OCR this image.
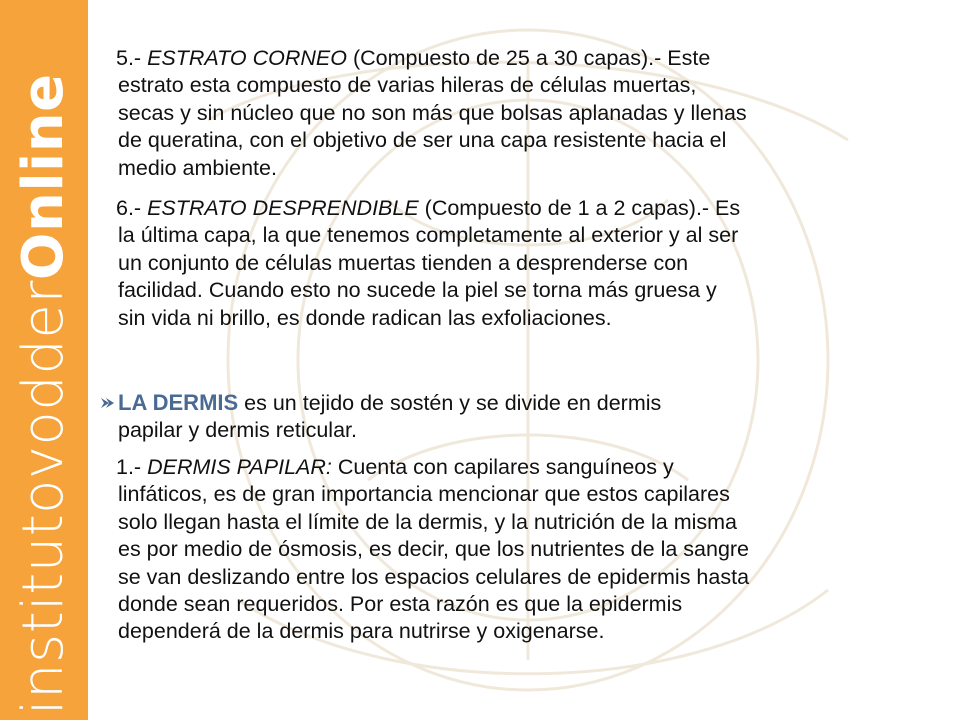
institutovodderOnline
5.- ESTRATO CORNEO (Compuesto de 25 a 30 capas).- Este
estrato esta compuesto de varias hileras de células muertas,
secas y sin núcleo que no son más que bolsas aplanadas y llenas
de queratina, con el objetivo de ser una capa resistente hacia el
medio ambiente.
6.- ESTRATO DESPRENDIBLE (Compuesto de 1 a 2 capas).- Es
la última capa, la que tenemos completamente al exterior y al ser
un conjunto de células muertas tienden a desprenderse con
facilidad. Cuando esto no sucede la piel se torna más gruesa y
sin vida ni brillo, es donde radican las exfoliaciones.
LA DERMIS es un tejido de sostén y se divide en dermis
papilar y dermis reticular.
1.- DERMIS PAPILAR: Cuenta con capilares sanguíneos y
linfáticos, es de gran importancia mencionar que estos capilares
solo llegan hasta el límite de la dermis, y la nutrición de la misma
es por medio de ósmosis, es decir, que los nutrientes de la sangre
se van deslizando entre los espacios celulares de epidermis hasta
donde sean requeridos. Por esta razón es que la epidermis
dependerá de la dermis para nutrirse y oxigenarse.
